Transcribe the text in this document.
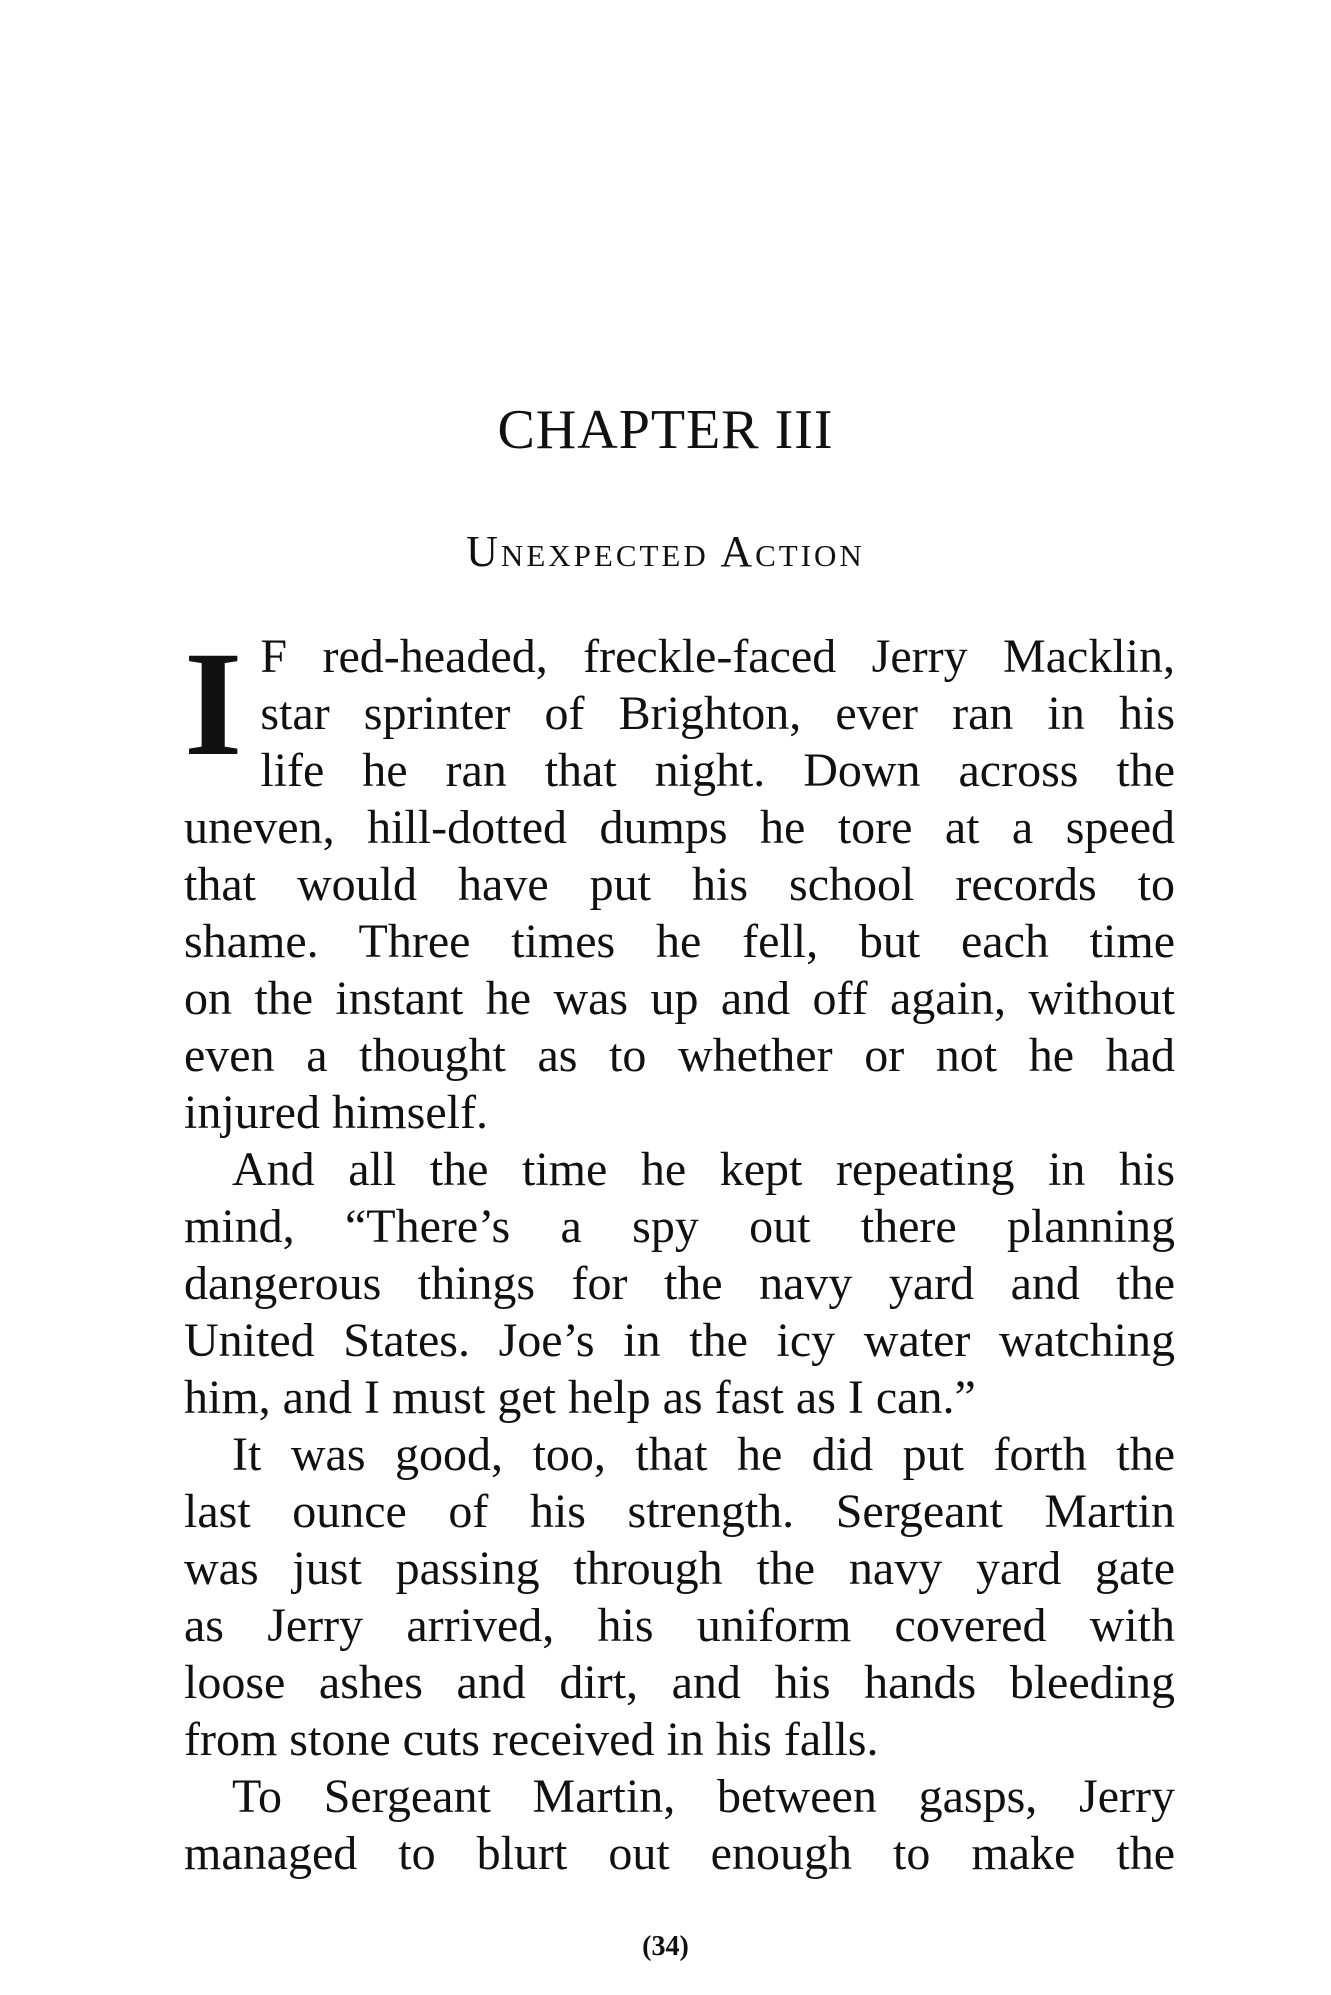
CHAPTER III
Unexpected Action
I F red-headed, freckle-faced Jerry Macklin,
star sprinter of Brighton, ever ran in his
life he ran that night. Down across the
uneven, hill-dotted dumps he tore at a speed
that would have put his school records to
shame. Three times he fell, but each time
on the instant he was up and off again, without
even a thought as to whether or not he had
injured himself.
And all the time he kept repeating in his
mind, “There’s a spy out there planning
dangerous things for the navy yard and the
United States. Joe’s in the icy water watching
him, and I must get help as fast as I can.”
It was good, too, that he did put forth the
last ounce of his strength. Sergeant Martin
was just passing through the navy yard gate
as Jerry arrived, his uniform covered with
loose ashes and dirt, and his hands bleeding
from stone cuts received in his falls.
To Sergeant Martin, between gasps, Jerry
managed to blurt out enough to make the
(34)
